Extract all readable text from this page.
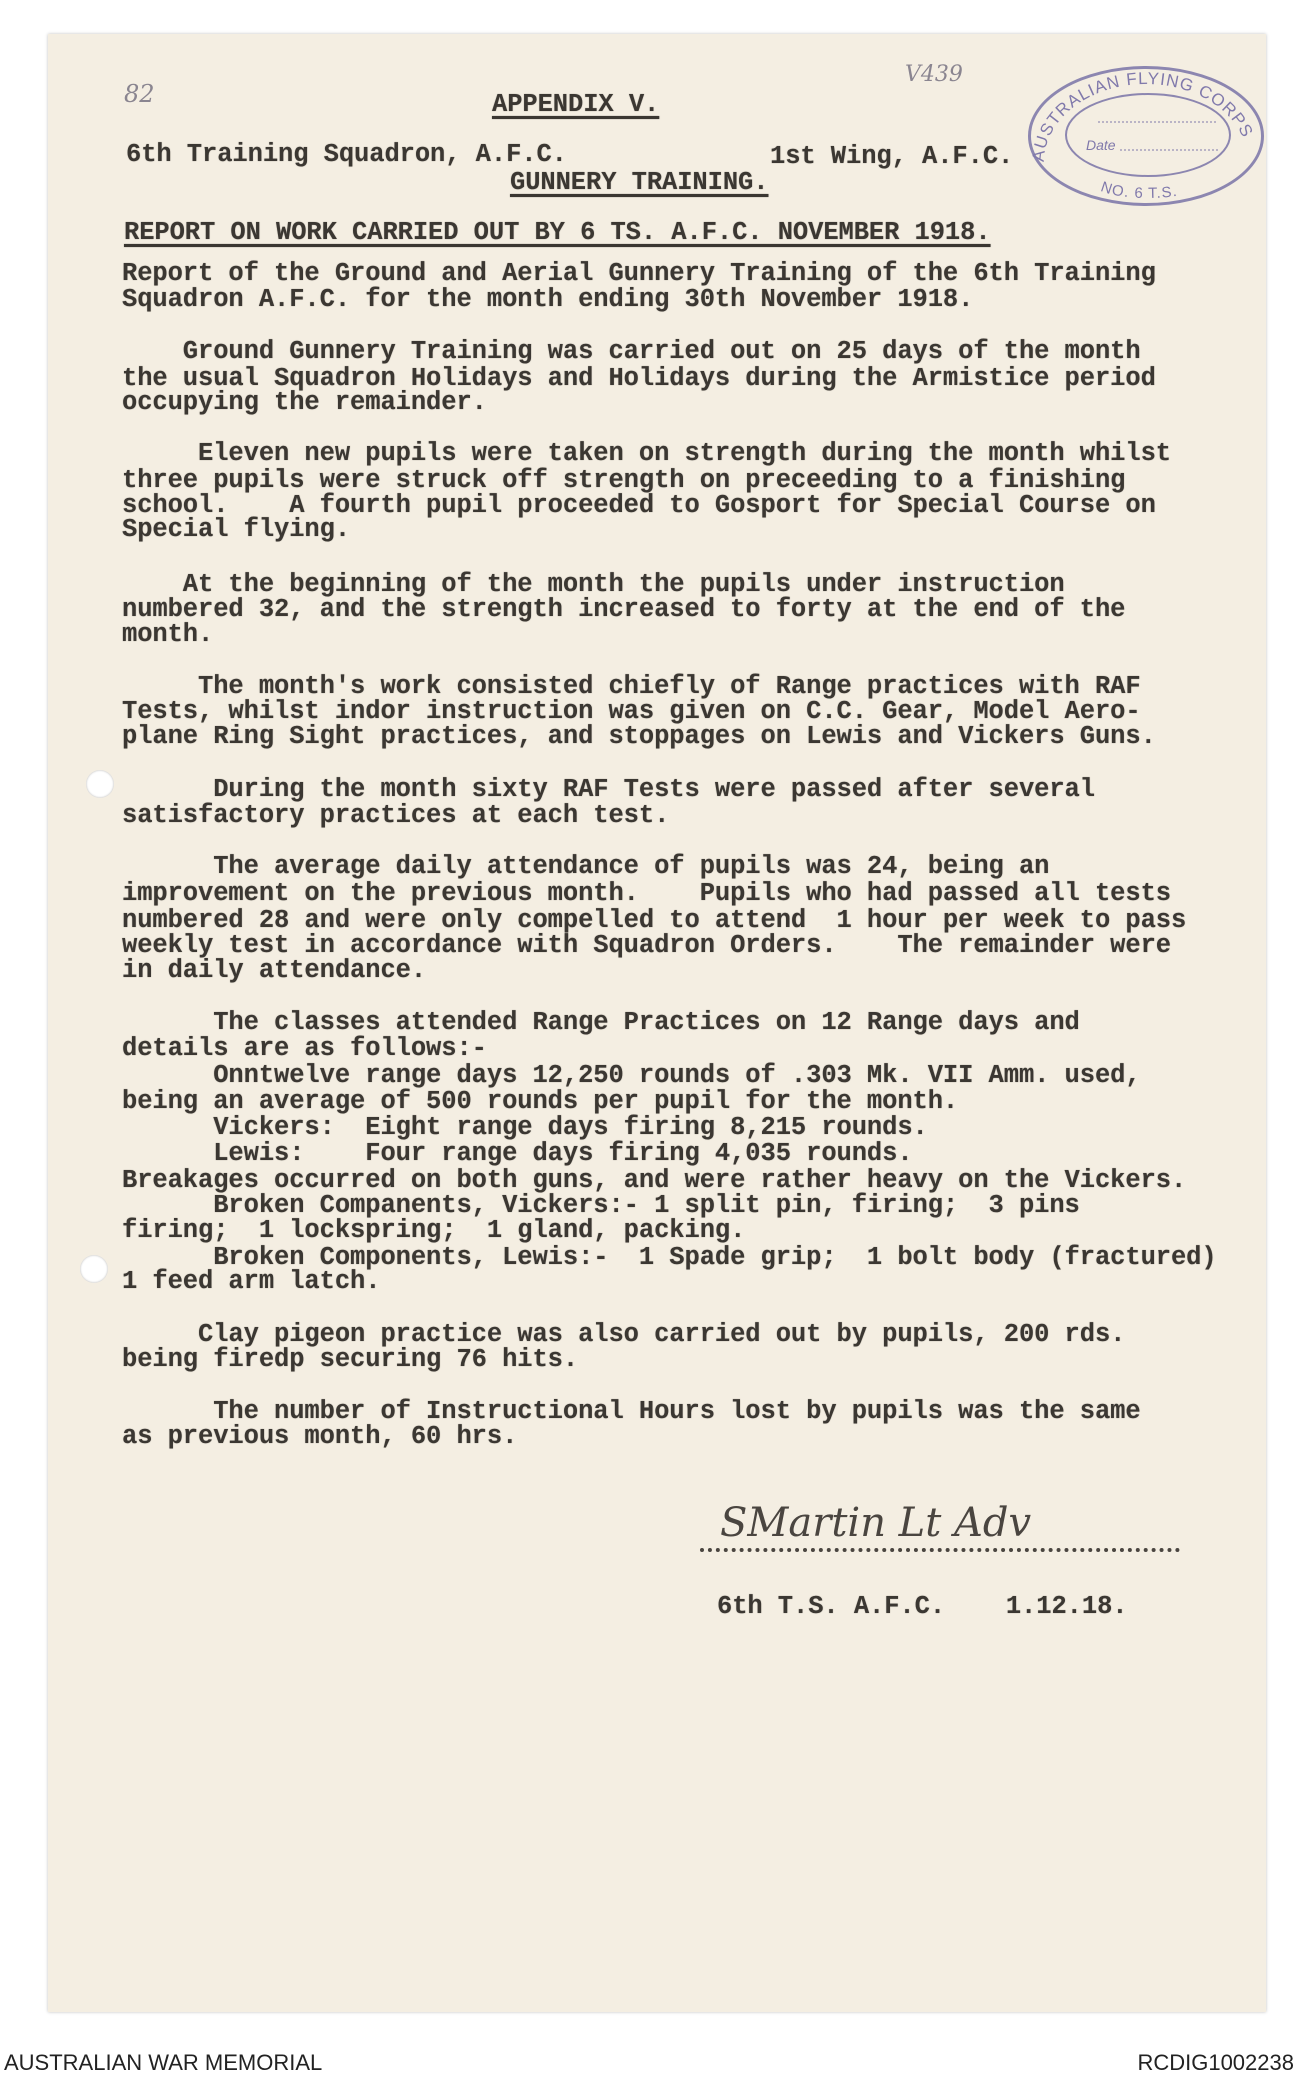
82
V439
AUSTRALIAN FLYING CORPS
NO. 6 T.S.
Date
APPENDIX V.
6th Training Squadron, A.F.C.	1st Wing, A.F.C.
GUNNERY TRAINING.
REPORT ON WORK CARRIED OUT BY 6 TS. A.F.C. NOVEMBER 1918.
Report of the Ground and Aerial Gunnery Training of the 6th Training
Squadron A.F.C. for the month ending 30th November 1918.
Ground Gunnery Training was carried out on 25 days of the month
the usual Squadron Holidays and Holidays during the Armistice period
occupying the remainder.
Eleven new pupils were taken on strength during the month whilst
three pupils were struck off strength on preceeding to a finishing
school.    A fourth pupil proceeded to Gosport for Special Course on
Special flying.
At the beginning of the month the pupils under instruction
numbered 32, and the strength increased to forty at the end of the
month.
The month's work consisted chiefly of Range practices with RAF
Tests, whilst indor instruction was given on C.C. Gear, Model Aero-
plane Ring Sight practices, and stoppages on Lewis and Vickers Guns.
During the month sixty RAF Tests were passed after several
satisfactory practices at each test.
The average daily attendance of pupils was 24, being an
improvement on the previous month.    Pupils who had passed all tests
numbered 28 and were only compelled to attend  1 hour per week to pass
weekly test in accordance with Squadron Orders.    The remainder were
in daily attendance.
The classes attended Range Practices on 12 Range days and
details are as follows:-
Onntwelve range days 12,250 rounds of .303 Mk. VII Amm. used,
being an average of 500 rounds per pupil for the month.
Vickers:  Eight range days firing 8,215 rounds.
Lewis:    Four range days firing 4,035 rounds.
Breakages occurred on both guns, and were rather heavy on the Vickers.
Broken Companents, Vickers:- 1 split pin, firing;  3 pins
firing;  1 lockspring;  1 gland, packing.
Broken Components, Lewis:-  1 Spade grip;  1 bolt body (fractured)
1 feed arm latch.
Clay pigeon practice was also carried out by pupils, 200 rds.
being firedp securing 76 hits.
The number of Instructional Hours lost by pupils was the same
as previous month, 60 hrs.
SMartin Lt Adv
6th T.S. A.F.C.    1.12.18.
AUSTRALIAN WAR MEMORIAL	RCDIG1002238
